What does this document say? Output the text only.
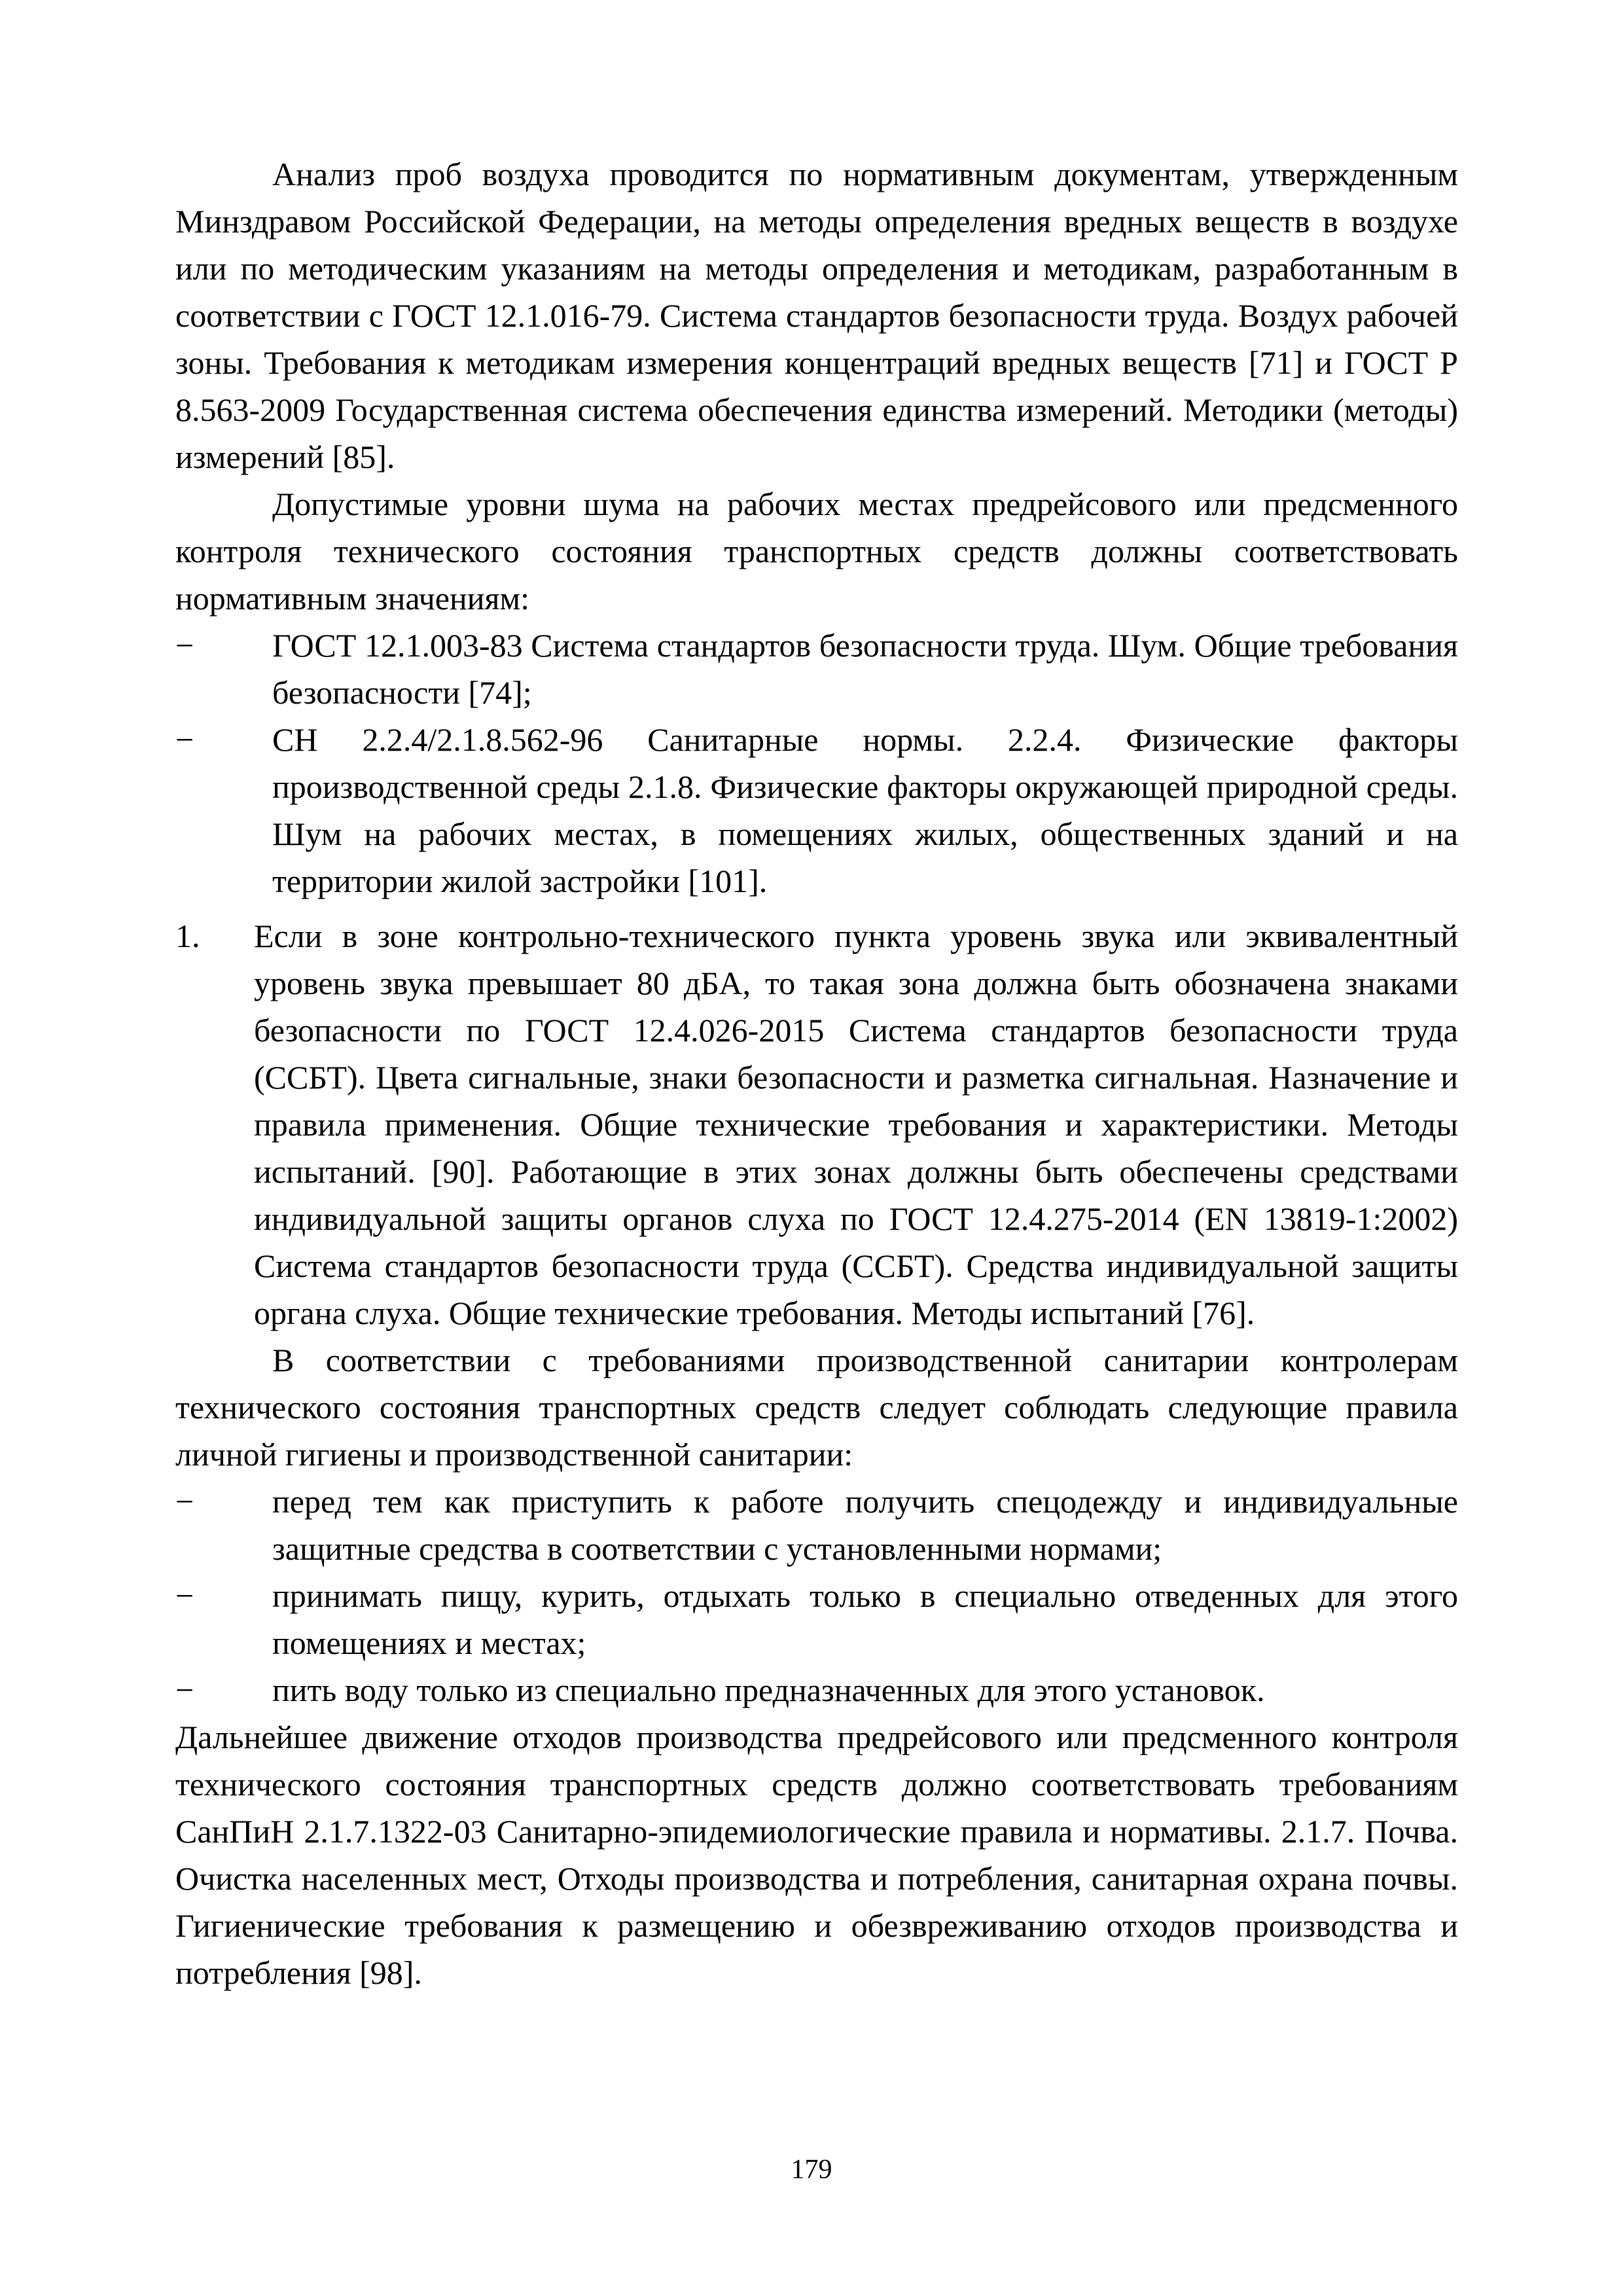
Анализ проб воздуха проводится по нормативным документам, утвержденным Минздравом Российской Федерации, на методы определения вредных веществ в воздухе или по методическим указаниям на методы определения и методикам, разработанным в соответствии с ГОСТ 12.1.016-79. Система стандартов безопасности труда. Воздух рабочей зоны. Требования к методикам измерения концентраций вредных веществ [71] и ГОСТ Р 8.563-2009 Государственная система обеспечения единства измерений. Методики (методы) измерений [85].

Допустимые уровни шума на рабочих местах предрейсового или предсменного контроля технического состояния транспортных средств должны соответствовать нормативным значениям:

− ГОСТ 12.1.003-83 Система стандартов безопасности труда. Шум. Общие требования безопасности [74];
− СН 2.2.4/2.1.8.562-96 Санитарные нормы. 2.2.4. Физические факторы производственной среды 2.1.8. Физические факторы окружающей природной среды. Шум на рабочих местах, в помещениях жилых, общественных зданий и на территории жилой застройки [101].
1. Если в зоне контрольно-технического пункта уровень звука или эквивалентный уровень звука превышает 80 дБА, то такая зона должна быть обозначена знаками безопасности по ГОСТ 12.4.026-2015 Система стандартов безопасности труда (ССБТ). Цвета сигнальные, знаки безопасности и разметка сигнальная. Назначение и правила применения. Общие технические требования и характеристики. Методы испытаний. [90]. Работающие в этих зонах должны быть обеспечены средствами индивидуальной защиты органов слуха по ГОСТ 12.4.275-2014 (EN 13819-1:2002) Система стандартов безопасности труда (ССБТ). Средства индивидуальной защиты органа слуха. Общие технические требования. Методы испытаний [76].

В соответствии с требованиями производственной санитарии контролерам технического состояния транспортных средств следует соблюдать следующие правила личной гигиены и производственной санитарии:

− перед тем как приступить к работе получить спецодежду и индивидуальные защитные средства в соответствии с установленными нормами;
− принимать пищу, курить, отдыхать только в специально отведенных для этого помещениях и местах;
− пить воду только из специально предназначенных для этого установок.

Дальнейшее движение отходов производства предрейсового или предсменного контроля технического состояния транспортных средств должно соответствовать требованиям СанПиН 2.1.7.1322-03 Санитарно-эпидемиологические правила и нормативы. 2.1.7. Почва. Очистка населенных мест, Отходы производства и потребления, санитарная охрана почвы. Гигиенические требования к размещению и обезвреживанию отходов производства и потребления [98].

179
